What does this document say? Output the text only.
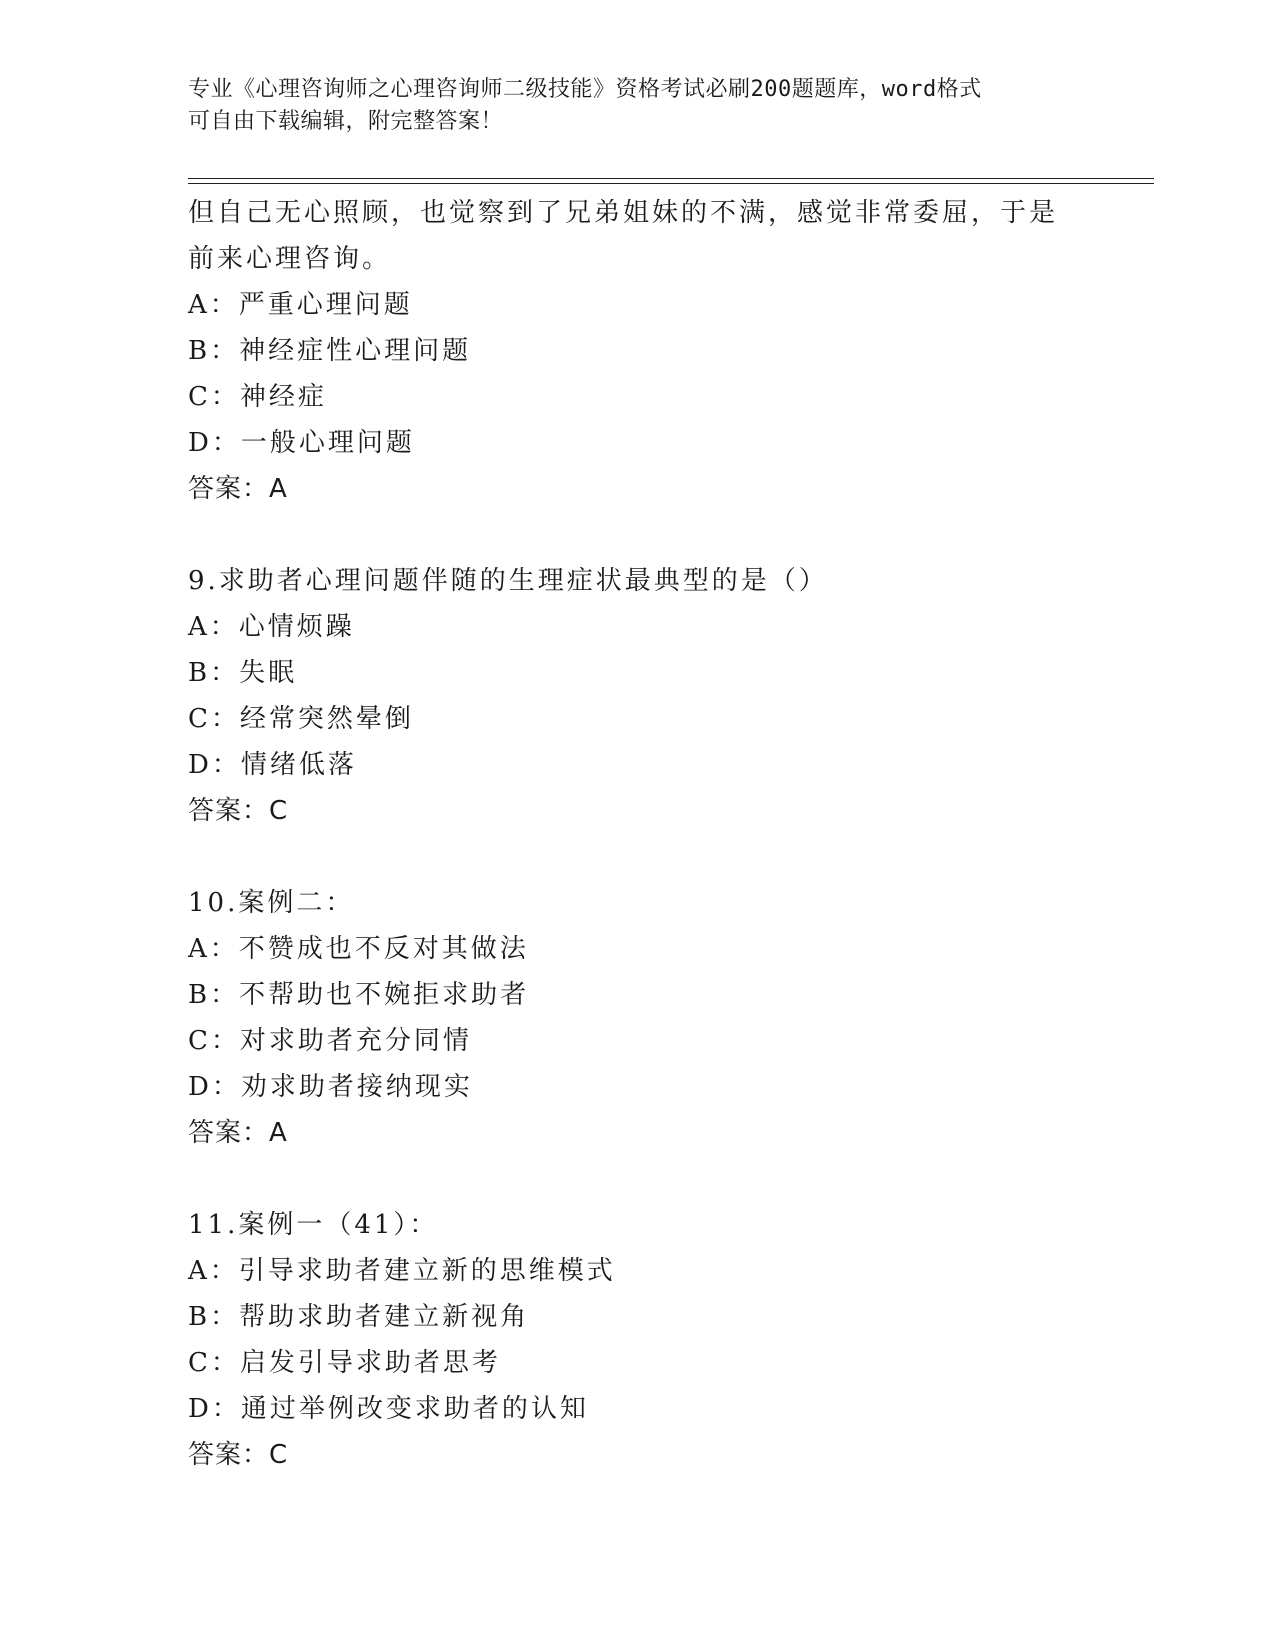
专业《心理咨询师之心理咨询师二级技能》资格考试必刷200题题库，word格式
可自由下载编辑，附完整答案！
但自己无心照顾，也觉察到了兄弟姐妹的不满，感觉非常委屈，于是
前来心理咨询。
A：严重心理问题
B：神经症性心理问题
C：神经症
D：一般心理问题
答案：A
9.求助者心理问题伴随的生理症状最典型的是（）
A：心情烦躁
B：失眠
C：经常突然晕倒
D：情绪低落
答案：C
10.案例二：
A：不赞成也不反对其做法
B：不帮助也不婉拒求助者
C：对求助者充分同情
D：劝求助者接纳现实
答案：A
11.案例一（41）：
A：引导求助者建立新的思维模式
B：帮助求助者建立新视角
C：启发引导求助者思考
D：通过举例改变求助者的认知
答案：C
